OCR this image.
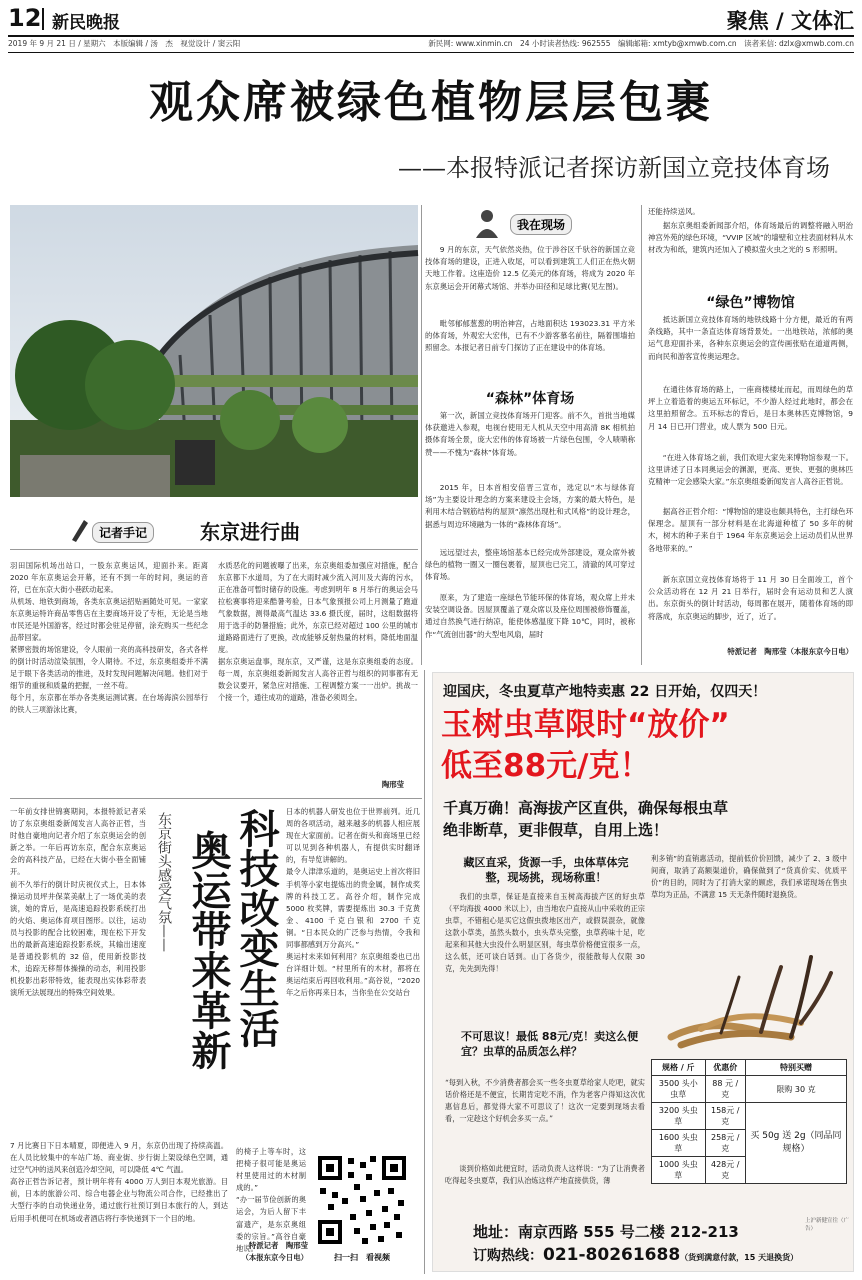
12 新民晚报	聚焦 / 文体汇
2019 年 9 月 21 日 / 星期六　本版编辑 / 汤　杰　视觉设计 / 窦云阳	新民网: www.xinmin.cn　24 小时读者热线: 962555　编辑邮箱: xmtyb@xmwb.com.cn　读者来信: dzlx@xmwb.com.cn
观众席被绿色植物层层包裹
——本报特派记者探访新国立竞技体育场
我在现场
9 月的东京，天气依然炎热，位于涉谷区千驮谷的新国立竞技体育场的建设，正进入收尾，可以看到建筑工人们正在热火朝天地工作着。这座造价 12.5 亿美元的体育场，将成为 2020 年东京奥运会开闭幕式场馆、并举办田径和足球比赛(见左图)。
毗邻郁郁葱葱的明治神宫，占地面积达 193023.31 平方米的体育场，外观宏大宏伟，已有不少游客慕名前往，隔着围墙拍照留念。本报记者日前专门探访了正在建设中的体育场。
“森林”体育场
第一次，新国立竞技体育场开门迎客。前不久，首批当地媒体获邀进入参观，电视台使用无人机从天空中用高清 8K 相机拍摄体育场全景，庞大宏伟的体育场被一片绿色包围，令人啧啧称赞——不愧为“森林”体育场。
2015 年，日本首相安倍晋三宣布，选定以“木与绿体育场”为主要设计理念的方案来建设主会场，方案的最大特色，是利用木结合钢筋结构的屋顶“凛然出现杜和式风格”的设计理念，据悉与周边环境融为一体的“森林体育场”。
远远望过去，整座场馆基本已经完成外部建设，观众席外被绿色的植物一圈又一圈包裹着，屋顶也已完工，清澈的风可穿过体育场。
原来，为了建造一座绿色节能环保的体育场，观众席上并未安装空调设备。因屋顶覆盖了观众席以及座位周围被修饰覆盖，通过自然换气进行纳凉，能使体感温度下降 10℃，同时，被称作“气流创出器”的大型电风扇，届时
还能持续送风。
据东京奥组委新闻部介绍，体育场最后的调整将融入明治神宫外苑的绿色环境，“VVIP 区域”的墙壁和立柱表面材料从木材改为和纸，建筑内还加入了模拟萤火虫之光的 S 形照明。
“绿色”博物馆
抵达新国立竞技体育场的地铁线路十分方便，最近的有两条线路，其中一条直达体育场背景处。一出地铁站，浓郁的奥运气息迎面扑来，各种东京奥运会的宣传画张贴在道道两侧，而向民和游客宣传奥运理念。
在通往体育场的路上，一座商楼楼址而起，而周绿色的草坪上立着造着的奥运五环标记，不少游人经过此地时，都会在这里拍照留念。五环标志的背后，是日本奥林匹克博物馆，9 月 14 日已开门营业，成人票为 500 日元。
“在进入体育场之前，我们欢迎大家先来博物馆参观一下。这里讲述了日本同奥运会的渊源，更高、更快、更强的奥林匹克精神一定会感染大家。”东京奥组委新闻发言人高谷正哲说。
据高谷正哲介绍：“博物馆的建设也颇具特色，主打绿色环保理念。屋顶有一部分材料是在北海道种植了 50 多年的树木，树木的种子来自于 1964 年东京奥运会上运动员们从世界各地带来的。”
新东京国立竞技体育场将于 11 月 30 日全面竣工，首个公众活动将在 12 月 21 日举行，届时会有运动员和艺人演出。东京街头的倒计时活动，每周都在展开，随着体育场的即将落成，东京奥运的脚步，近了，近了。
特派记者　陶邢莹（本报东京今日电）
记者手记	东京进行曲
羽田国际机场出站口，一股东京奥运风，迎面扑来。距离 2020 年东京奥运会开幕，还有不到一年的时间，奥运的音符，已在东京大街小巷跃动起来。
从机场、地铁到商场，各类东京奥运招贴画随处可见。一家家东京奥运特许商品零售店在主要商场开设了专柜，无论是当地市民还是外国游客，经过时都会驻足停留，涂充购买一些纪念品带回家。
紧锣密鼓的场馆建设，令人眼前一亮的高科技研发，各式各样的倒计时活动渲染氛围，令人期待。不过，东京奥组委并不满足于眼下各类活动的推进，及时发现问题解决问题。他们对于细节的重视和质量的把握，一丝不苟。
每个月，东京都在举办各类奥运测试赛。在台场海滨公园举行的铁人三项游泳比赛，
水质恶化的问题被曝了出来，东京奥组委加强应对措施，配合东京都下水道局，为了在大雨时减少流入河川及大海的污水，正在准备可暂时储存的设施。考虑到明年 8 月举行的奥运会马拉松赛事将迎来酷暑考验，日本气象预报公司上月测量了跑道气象数据，测得最高气温达 33.6 摄氏度，届时，这组数据将用于选手的防暑措施；此外，东京已经对超过 100 公里的城市道路路面进行了更换，改成能够反射热量的材料，降低地面温度。
据东京奥运盘事，现东京，又严谨，这是东京奥组委的态度。每一周，东京奥组委新闻发言人高谷正哲与组织的同事都有无数会议要开，紧急应对措施、工程调整方案一一出炉。挑战一个接一个，通往成功的道路，准备必须周全。
陶邢莹
一年前女排世锦赛期间，本报特派记者采访了东京奥组委新闻发言人高谷正哲，当时他自豪地向记者介绍了东京奥运会的创新之举。一年后再访东京，配合东京奥运会的高科技产品，已经在大街小巷全面铺开。
前不久举行的倒计时庆祝仪式上，日本体操运动员坪井保菜美献上了一场优美的表演，她的背后，是高速追踪投影系统打出的火焰、奥运体育项目图形。以往，运动员与投影的配合比较困难，现在松下开发出的最新高速追踪投影系统，其输出速度是普通投影机的 32 倍，使用新投影技术，追踪无移帮体操操的动态，利用投影机投影出彩带特效，能表现出实体彩带表演所无法展现出的特殊空间效果。
东京街头感受气氛—— 科技改变生活
奥运带来革新
日本的机器人研发也位于世界前列。近几周的各项活动，越来越多的机器人相应展现在大家面前。记者在街头和商场里已经可以见到各种机器人，有提供实时翻译的，有导览讲解的。
最令人津津乐道的，是奥运史上首次将旧手机等小家电提炼出的贵金属，制作成奖牌的科技工艺。高谷介绍，制作完成 5000 枚奖牌，需要提炼出 30.3 千克黄金、4100 千克白银和 2700 千克铜。“日本民众的广泛参与热情，令我和同事都感到万分高兴。”
奥运村未来如何利用？东京奥组委也已出台详细计划。“村里所有的木材，都将在奥运结束后再回收利用。”高谷说，“2020 年之后你再来日本，当你坐在公交站台
7 月比赛日下日本晴夏，即便进入 9 月，东京仍出现了持续高温。在人员比较集中的车站广场、商业街、步行街上架设绿色空调，通过空气冲的送风来创造冷却空间，可以降低 4℃ 气温。
高谷正哲告诉记者，预计明年将有 4000 万人到日本观光旅游。目前，日本的旅游公司、综合电器企业与物流公司合作，已经推出了大型行李的自动快递业务，通过旅行社预订到日本旅行的人，到达后用手机便可在机场或者酒店将行李快递到下一个目的地。
的椅子上等车时，这把椅子很可能是奥运村里使用过的木材制成的。”
“办一届节俭创新的奥运会，为后人留下丰富遗产，是东京奥组委的宗旨。”高谷自豪地说。
特派记者　陶邢莹（本报东京今日电）	扫一扫　看视频
迎国庆，冬虫夏草产地特卖惠 22 日开始，仅四天！
玉树虫草限时“放价”
低至88元/克！
千真万确！高海拔产区直供，确保每根虫草
绝非断草，更非假草，自用上选！
藏区直采，货源一手，虫体草体完整，现场挑，现场称重！
我们的虫草，保证是直接来自玉树高海拔产区的好虫草（平均海拔 4000 米以上），由当地农户直接从山中采收的正宗虫草，不错租心是买它这假虫拨地区出产，或假误混杂，就像这款小草类，虽然头数小，虫头草头完整，虫草药味十足，吃起来和其他大虫没什么明显区别，每虫草价格便宜很多一点，这么低，还可谈白话到。山丁各货少，很能散每人仅限 30 克，先先到先得！
不可思议！最低 88元/克！卖这么便宜？虫草的品质怎么样？
“每到入秋，不少消费者都会买一些冬虫夏草给家人吃吧，就实话价格还是不便宜，长期肯定吃不消，作为老客户得知这次优惠信息后，都觉得大家不可思议了！这次一定要到现场去看看，一定趁这个好机会多买一点。”
谈到价格如此便宜时，活动负责人这样说：“为了让消费者吃得起冬虫夏草，我们从冶炼这样产地直接供货，薄
利多销”的直销惠活动，提前低价价回馈，减少了 2、3 级中间商，取消了高额渠道价，确保做到了“货真价实、优质平价”的目的，同时为了打消大家的顾虑，我们承诺现场在售虫草均为正品，不满意 15 天无条件随时退换货。
规格 / 斤	优惠价	特别买赠
3500 头小虫草	88 元 / 克	限购 30 克
3200 头虫草	158元 / 克	买 50g 送 2g（同品同规格）
1600 头虫草	258元 / 克	
1000 头虫草	428元 / 克	
地址：南京西路 555 号二楼 212-213
订购热线：021-80261688（货到满意付款，15 天退换货）
上沪新健宣往（广告）
